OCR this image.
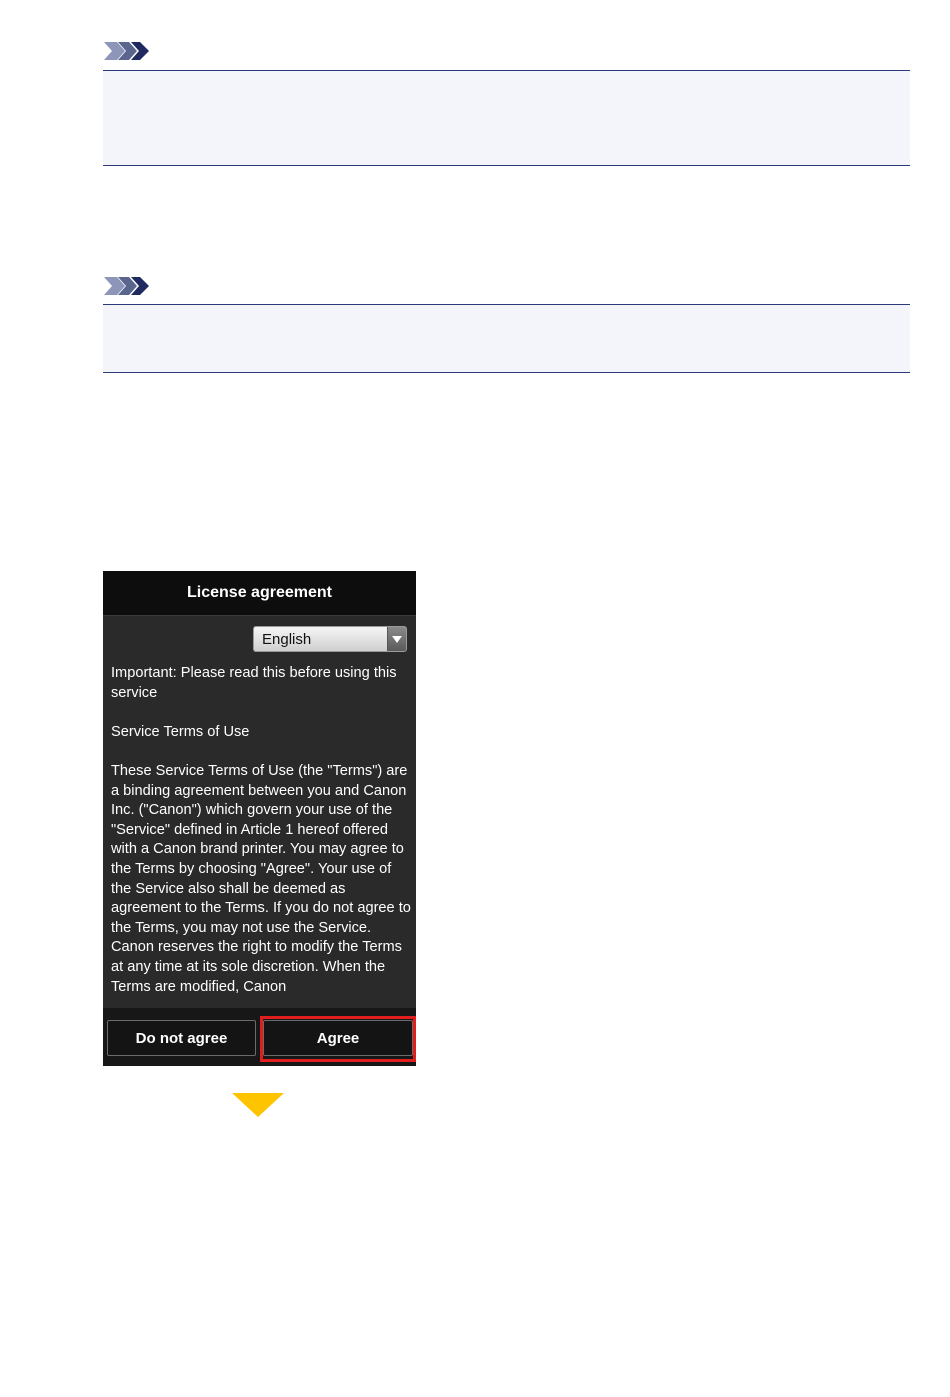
License agreement
English
Important: Please read this before using this service

Service Terms of Use

These Service Terms of Use (the "Terms") are a binding agreement between you and Canon Inc. ("Canon") which govern your use of the "Service" defined in Article 1 hereof offered with a Canon brand printer. You may agree to the Terms by choosing "Agree". Your use of the Service also shall be deemed as agreement to the Terms. If you do not agree to the Terms, you may not use the Service.
Canon reserves the right to modify the Terms at any time at its sole discretion. When the Terms are modified, Canon
Do not agree	Agree
